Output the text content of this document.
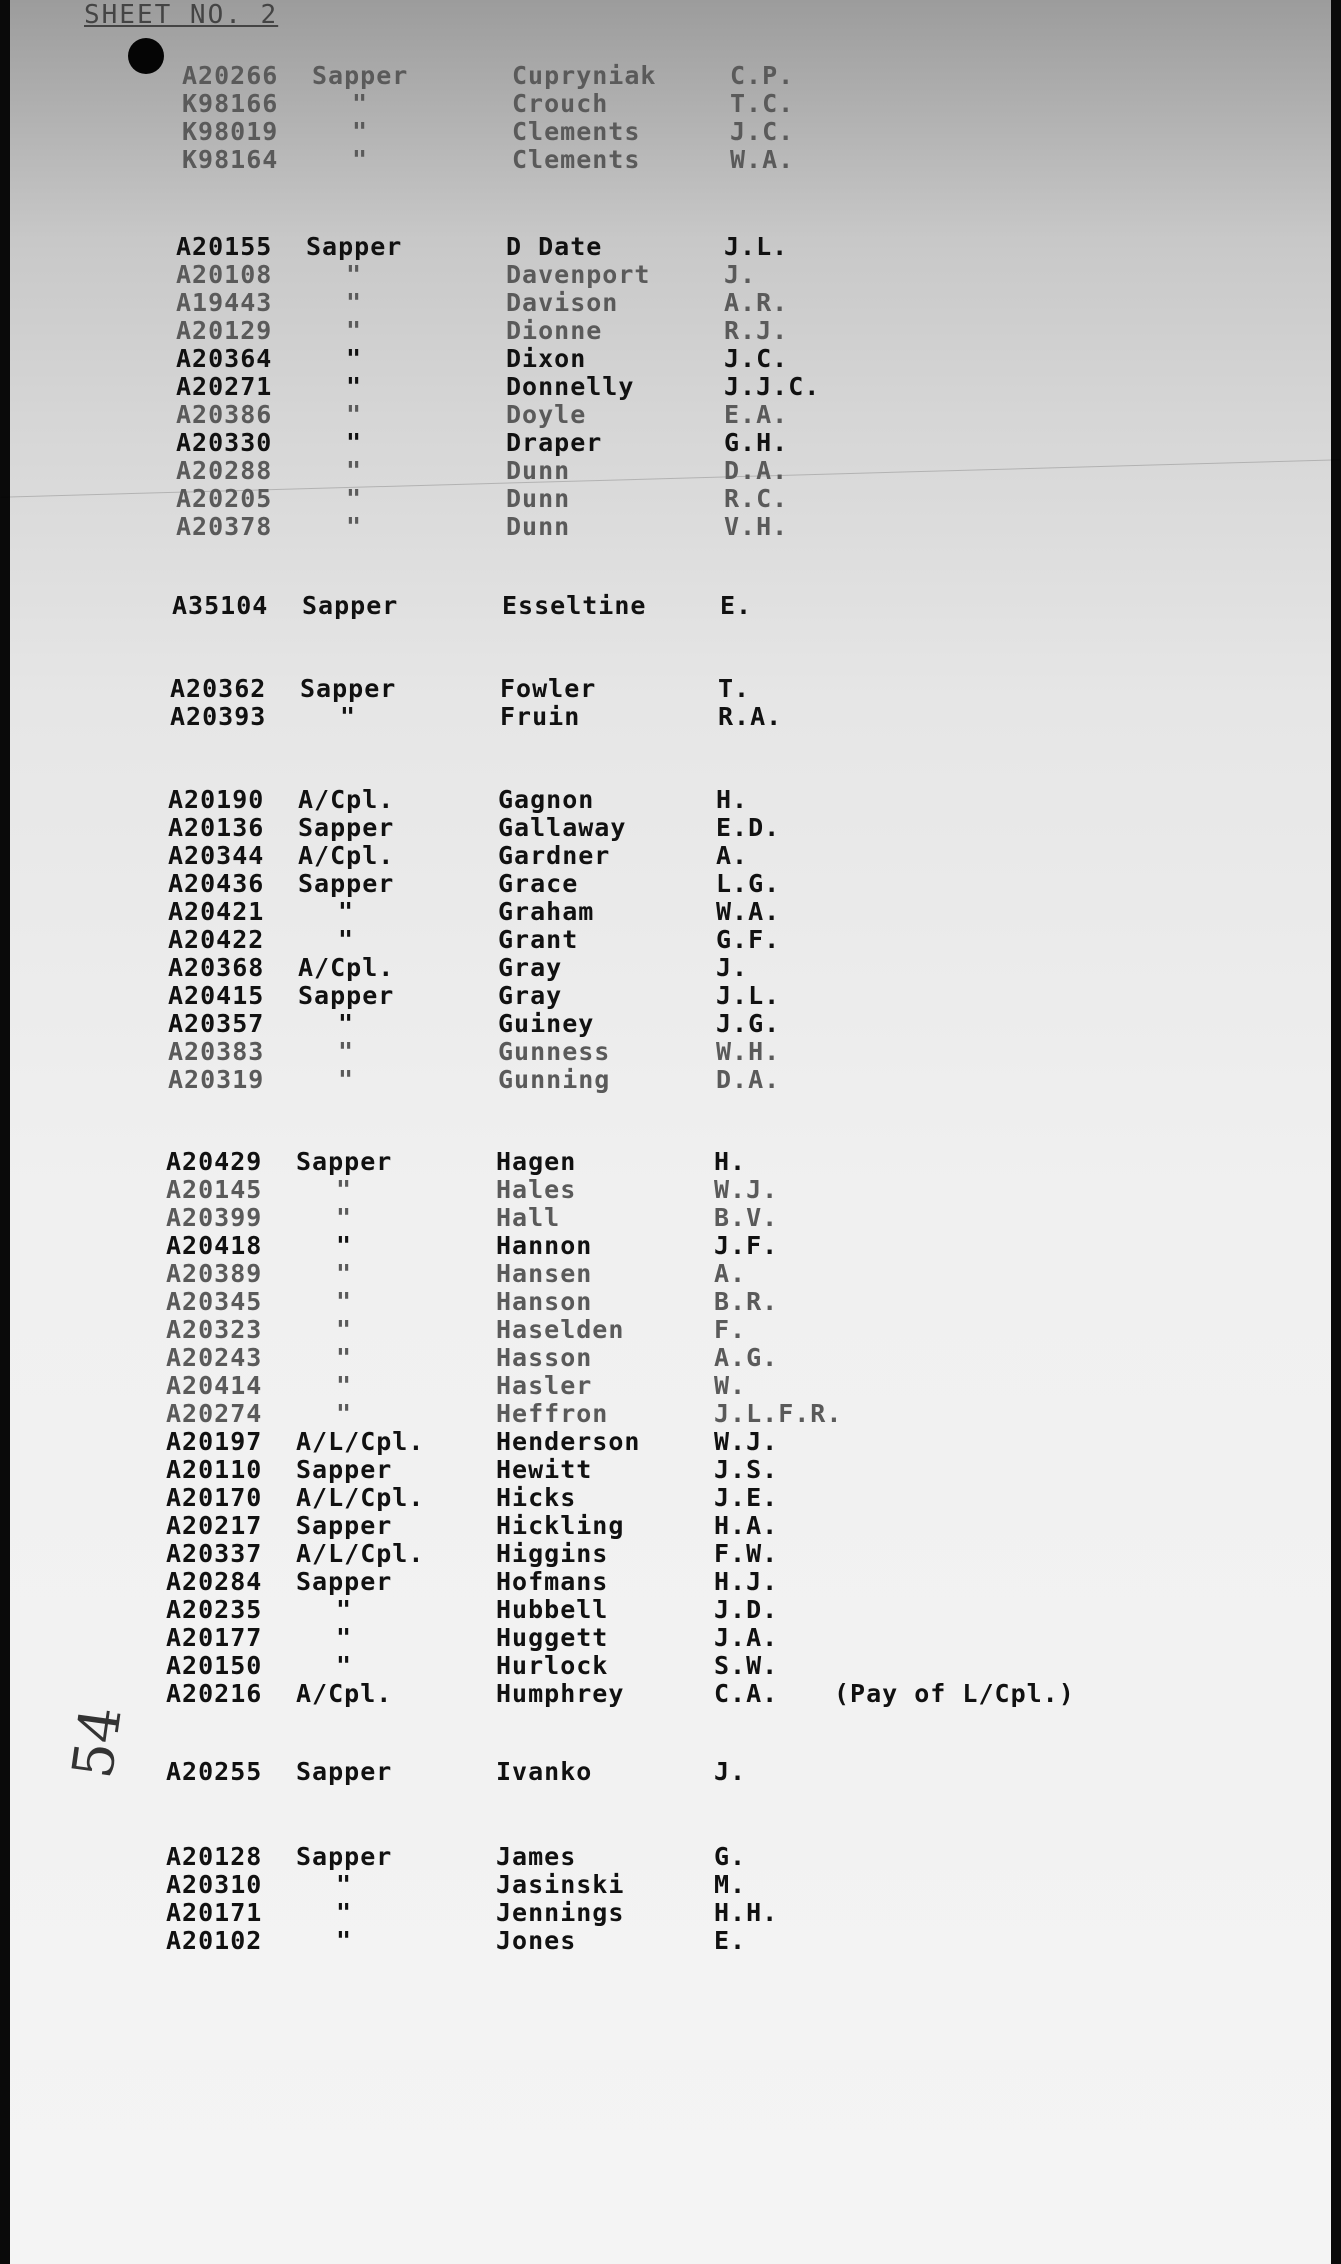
SHEET NO. 2
54
A20266 Sapper	Cupryniak	C.P.
K98166	"	Crouch	T.C.
K98019	"	Clements	J.C.
K98164	"	Clements	W.A.
A20155 Sapper	D Date	J.L.
A20108	"	Davenport	J.
A19443	"	Davison	A.R.
A20129	"	Dionne	R.J.
A20364	"	Dixon	J.C.
A20271	"	Donnelly	J.J.C.
A20386	"	Doyle	E.A.
A20330	"	Draper	G.H.
A20288	"	Dunn	D.A.
A20205	"	Dunn	R.C.
A20378	"	Dunn	V.H.
A35104 Sapper	Esseltine	E.
A20362 Sapper	Fowler	T.
A20393	"	Fruin	R.A.
A20190 A/Cpl.	Gagnon	H.
A20136 Sapper	Gallaway	E.D.
A20344 A/Cpl.	Gardner	A.
A20436 Sapper	Grace	L.G.
A20421	"	Graham	W.A.
A20422	"	Grant	G.F.
A20368 A/Cpl.	Gray	J.
A20415 Sapper	Gray	J.L.
A20357	"	Guiney	J.G.
A20383	"	Gunness	W.H.
A20319	"	Gunning	D.A.
A20429 Sapper	Hagen	H.
A20145	"	Hales	W.J.
A20399	"	Hall	B.V.
A20418	"	Hannon	J.F.
A20389	"	Hansen	A.
A20345	"	Hanson	B.R.
A20323	"	Haselden	F.
A20243	"	Hasson	A.G.
A20414	"	Hasler	W.
A20274	"	Heffron	J.L.F.R.
A20197 A/L/Cpl.	Henderson	W.J.
A20110 Sapper	Hewitt	J.S.
A20170 A/L/Cpl.	Hicks	J.E.
A20217 Sapper	Hickling	H.A.
A20337 A/L/Cpl.	Higgins	F.W.
A20284 Sapper	Hofmans	H.J.
A20235	"	Hubbell	J.D.
A20177	"	Huggett	J.A.
A20150	"	Hurlock	S.W.
A20216 A/Cpl.	Humphrey	C.A. (Pay of L/Cpl.)
A20255 Sapper	Ivanko	J.
A20128 Sapper	James	G.
A20310	"	Jasinski	M.
A20171	"	Jennings	H.H.
A20102	"	Jones	E.
